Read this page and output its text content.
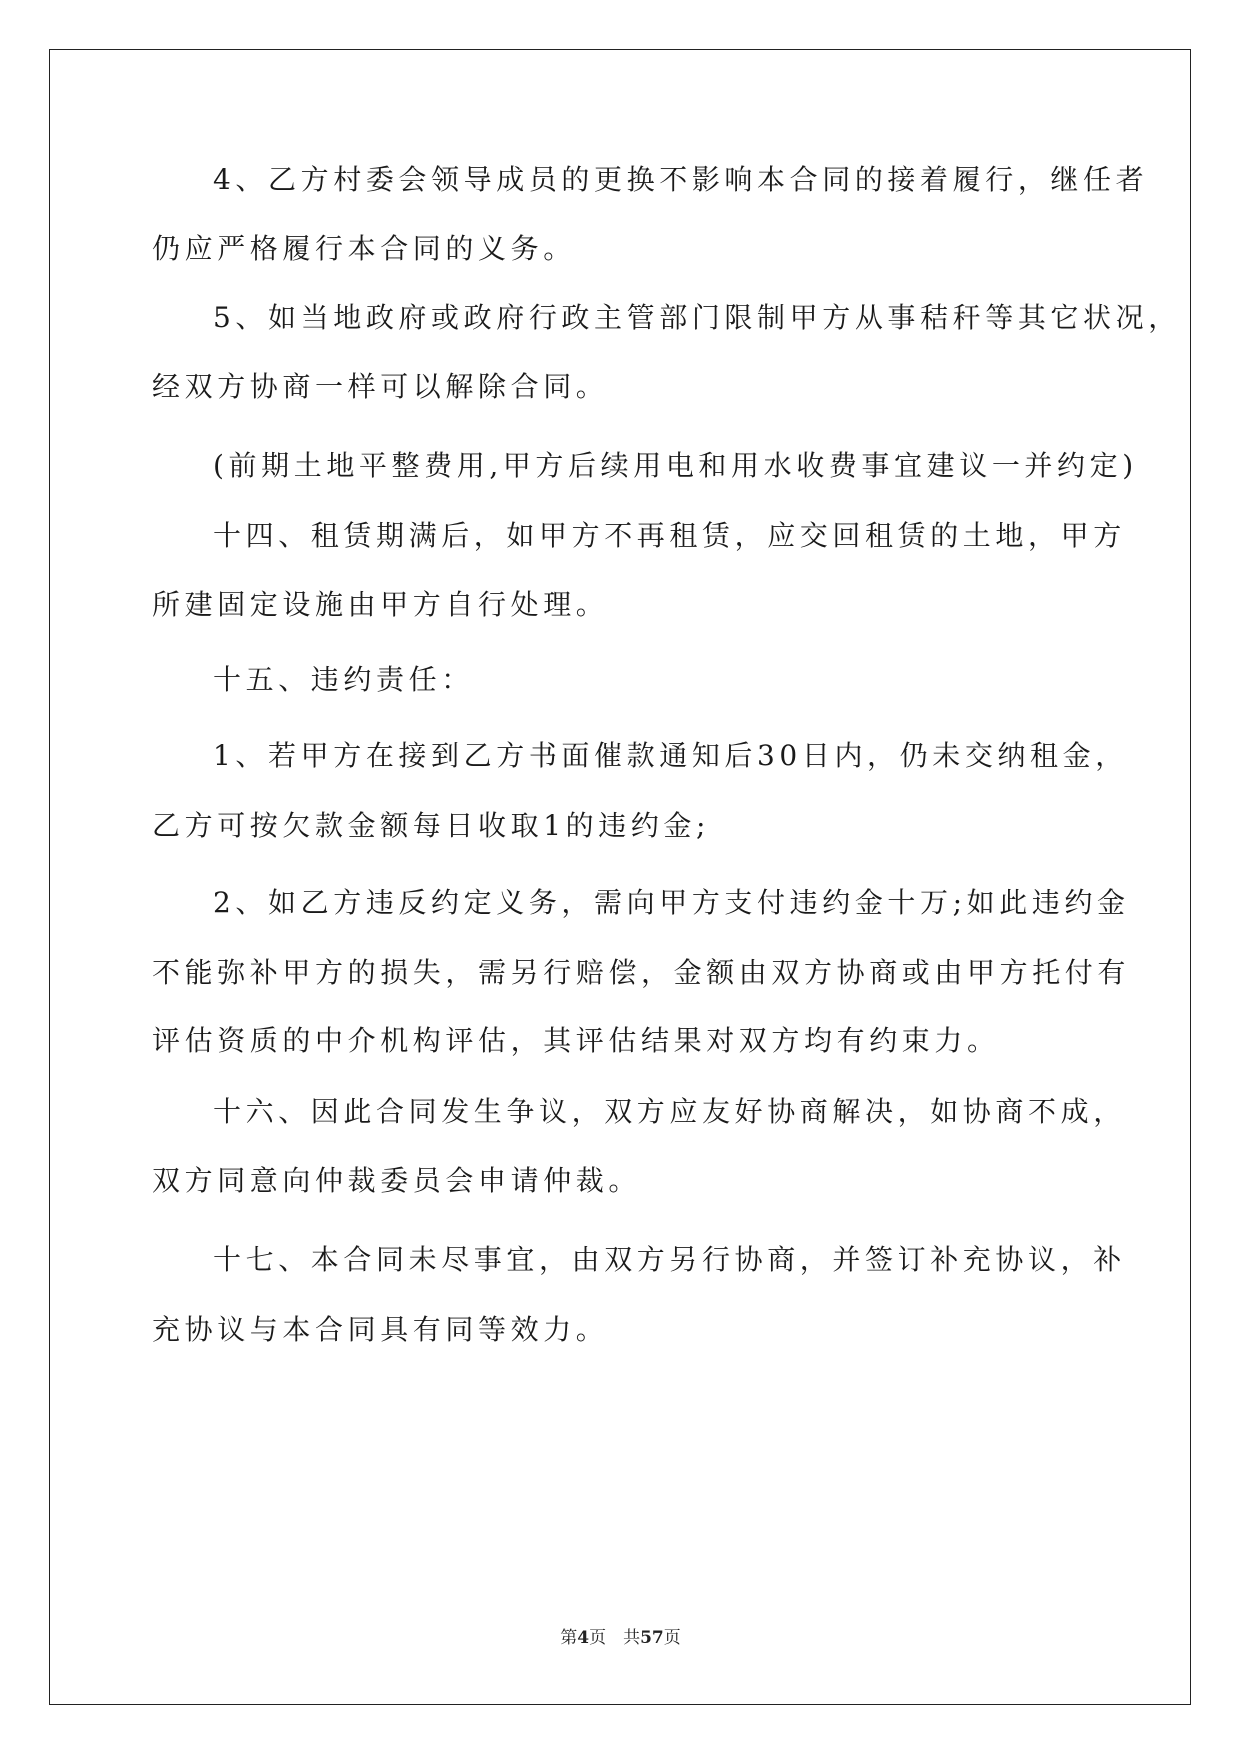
4、乙方村委会领导成员的更换不影响本合同的接着履行，继任者
仍应严格履行本合同的义务。
5、如当地政府或政府行政主管部门限制甲方从事秸秆等其它状况，
经双方协商一样可以解除合同。
(前期土地平整费用,甲方后续用电和用水收费事宜建议一并约定)
十四、租赁期满后，如甲方不再租赁，应交回租赁的土地，甲方
所建固定设施由甲方自行处理。
十五、违约责任：
1、若甲方在接到乙方书面催款通知后30日内，仍未交纳租金，
乙方可按欠款金额每日收取1的违约金;
2、如乙方违反约定义务，需向甲方支付违约金十万;如此违约金
不能弥补甲方的损失，需另行赔偿，金额由双方协商或由甲方托付有
评估资质的中介机构评估，其评估结果对双方均有约束力。
十六、因此合同发生争议，双方应友好协商解决，如协商不成，
双方同意向仲裁委员会申请仲裁。
十七、本合同未尽事宜，由双方另行协商，并签订补充协议，补
充协议与本合同具有同等效力。
第4页　共57页
